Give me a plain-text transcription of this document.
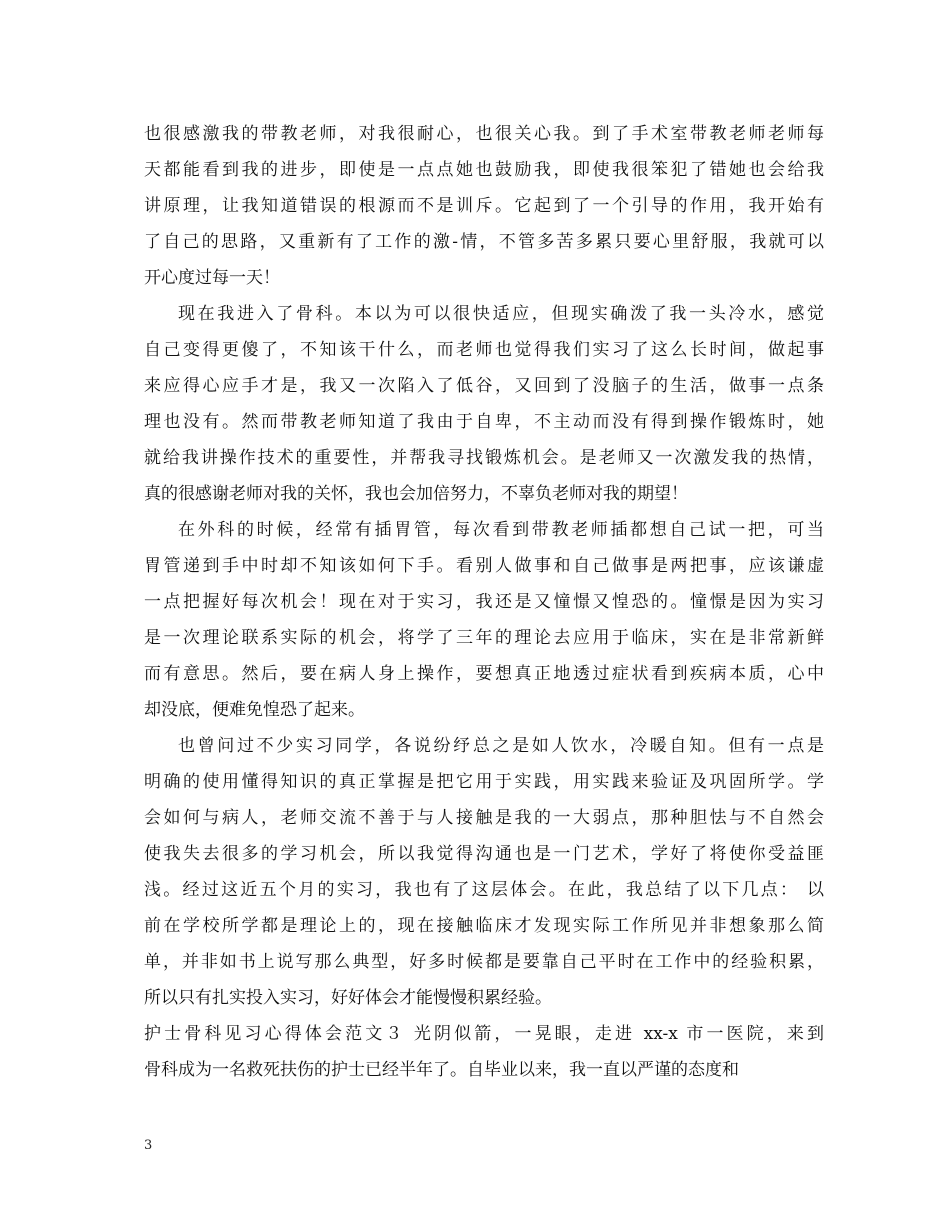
也很感激我的带教老师，对我很耐心，也很关心我。到了手术室带教老师老师每
天都能看到我的进步，即使是一点点她也鼓励我，即使我很笨犯了错她也会给我
讲原理，让我知道错误的根源而不是训斥。它起到了一个引导的作用，我开始有
了自己的思路，又重新有了工作的激-情，不管多苦多累只要心里舒服，我就可以
开心度过每一天！
现在我进入了骨科。本以为可以很快适应，但现实确泼了我一头冷水，感觉
自己变得更傻了，不知该干什么，而老师也觉得我们实习了这么长时间，做起事
来应得心应手才是，我又一次陷入了低谷，又回到了没脑子的生活，做事一点条
理也没有。然而带教老师知道了我由于自卑，不主动而没有得到操作锻炼时，她
就给我讲操作技术的重要性，并帮我寻找锻炼机会。是老师又一次激发我的热情，
真的很感谢老师对我的关怀，我也会加倍努力，不辜负老师对我的期望！
在外科的时候，经常有插胃管，每次看到带教老师插都想自己试一把，可当
胃管递到手中时却不知该如何下手。看别人做事和自己做事是两把事，应该谦虚
一点把握好每次机会！现在对于实习，我还是又憧憬又惶恐的。憧憬是因为实习
是一次理论联系实际的机会，将学了三年的理论去应用于临床，实在是非常新鲜
而有意思。然后，要在病人身上操作，要想真正地透过症状看到疾病本质，心中
却没底，便难免惶恐了起来。
也曾问过不少实习同学，各说纷纾总之是如人饮水，冷暖自知。但有一点是
明确的使用懂得知识的真正掌握是把它用于实践，用实践来验证及巩固所学。学
会如何与病人，老师交流不善于与人接触是我的一大弱点，那种胆怯与不自然会
使我失去很多的学习机会，所以我觉得沟通也是一门艺术，学好了将使你受益匪
浅。经过这近五个月的实习，我也有了这层体会。在此，我总结了以下几点： 以
前在学校所学都是理论上的，现在接触临床才发现实际工作所见并非想象那么简
单，并非如书上说写那么典型，好多时候都是要靠自己平时在工作中的经验积累，
所以只有扎实投入实习，好好体会才能慢慢积累经验。
护士骨科见习心得体会范文３ 光阴似箭，一晃眼，走进 xx-x 市一医院，来到
骨科成为一名救死扶伤的护士已经半年了。自毕业以来，我一直以严谨的态度和
3
